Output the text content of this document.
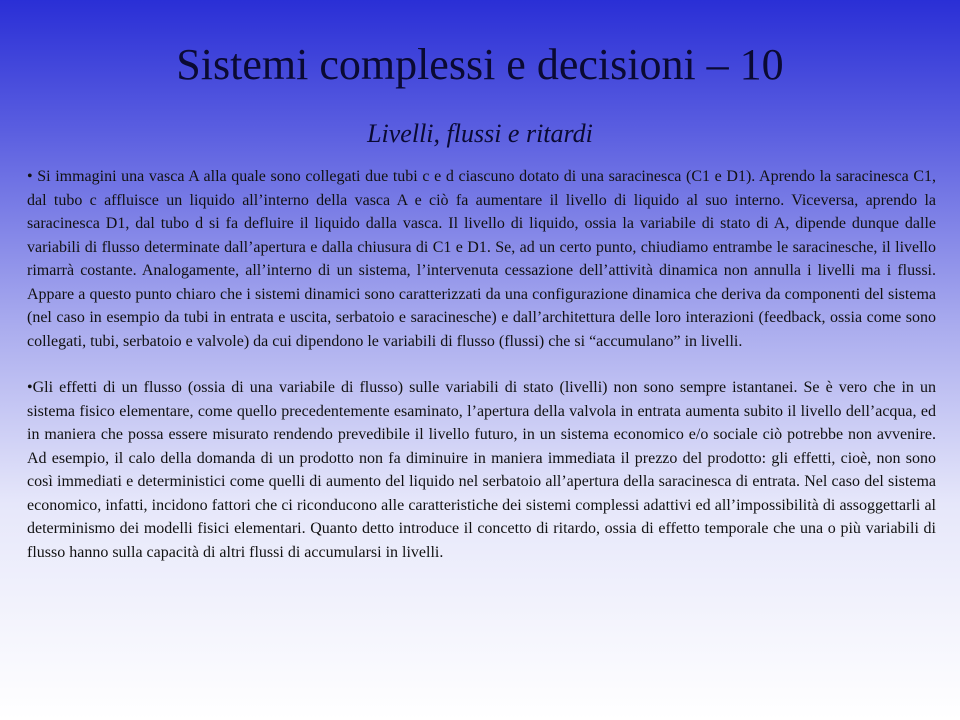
Sistemi complessi e decisioni – 10
Livelli, flussi e ritardi

• Si immagini una vasca A alla quale sono collegati due tubi c e d ciascuno dotato di una saracinesca (C1 e D1). Aprendo la saracinesca C1, dal tubo c affluisce un liquido all’interno della vasca A e ciò fa aumentare il livello di liquido al suo interno. Viceversa, aprendo la saracinesca D1, dal tubo d si fa defluire il liquido dalla vasca. Il livello di liquido, ossia la variabile di stato di A, dipende dunque dalle variabili di flusso determinate dall’apertura e dalla chiusura di C1 e D1. Se, ad un certo punto, chiudiamo entrambe le saracinesche, il livello rimarrà costante. Analogamente, all’interno di un sistema, l’intervenuta cessazione dell’attività dinamica non annulla i livelli ma i flussi. Appare a questo punto chiaro che i sistemi dinamici sono caratterizzati da una configurazione dinamica che deriva da componenti del sistema (nel caso in esempio da tubi in entrata e uscita, serbatoio e saracinesche) e dall’architettura delle loro interazioni (feedback, ossia come sono collegati, tubi, serbatoio e valvole) da cui dipendono le variabili di flusso (flussi) che si “accumulano” in livelli.

•Gli effetti di un flusso (ossia di una variabile di flusso) sulle variabili di stato (livelli) non sono sempre istantanei. Se è vero che in un sistema fisico elementare, come quello precedentemente esaminato, l’apertura della valvola in entrata aumenta subito il livello dell’acqua, ed in maniera che possa essere misurato rendendo prevedibile il livello futuro, in un sistema economico e/o sociale ciò potrebbe non avvenire. Ad esempio, il calo della domanda di un prodotto non fa diminuire in maniera immediata il prezzo del prodotto: gli effetti, cioè, non sono così immediati e deterministici come quelli di aumento del liquido nel serbatoio all’apertura della saracinesca di entrata. Nel caso del sistema economico, infatti, incidono fattori che ci riconducono alle caratteristiche dei sistemi complessi adattivi ed all’impossibilità di assoggettarli al determinismo dei modelli fisici elementari. Quanto detto introduce il concetto di ritardo, ossia di effetto temporale che una o più variabili di flusso hanno sulla capacità di altri flussi di accumularsi in livelli.
